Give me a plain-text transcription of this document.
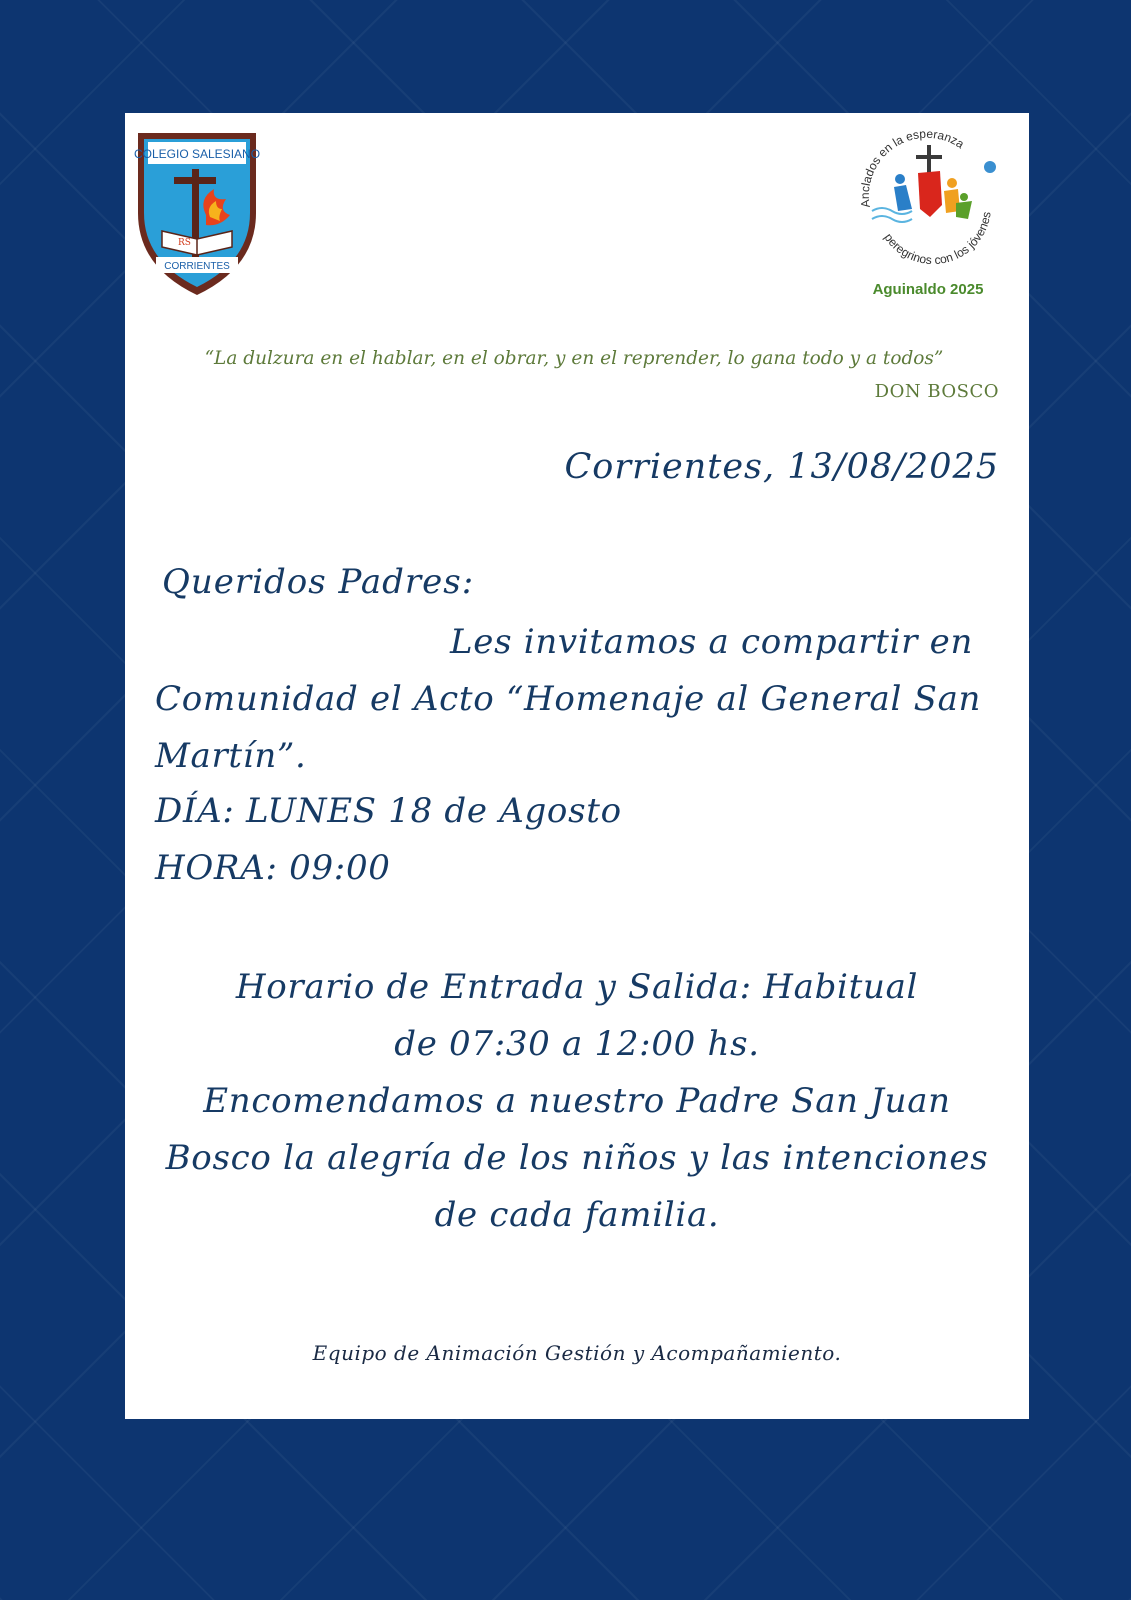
COLEGIO SALESIANO
RS
CORRIENTES
Anclados en la esperanza
peregrinos con los jóvenes
Aguinaldo 2025
“La dulzura en el hablar, en el obrar, y en el reprender, lo gana todo y a todos”
DON BOSCO
Corrientes, 13/08/2025
Queridos Padres:
Les invitamos a compartir en
Comunidad el Acto “Homenaje al General San
Martín”.
DÍA: LUNES 18 de Agosto
HORA: 09:00
Horario de Entrada y Salida: Habitual
de 07:30 a 12:00 hs.
Encomendamos a nuestro Padre San Juan
Bosco la alegría de los niños y las intenciones
de cada familia.
Equipo de Animación Gestión y Acompañamiento.
